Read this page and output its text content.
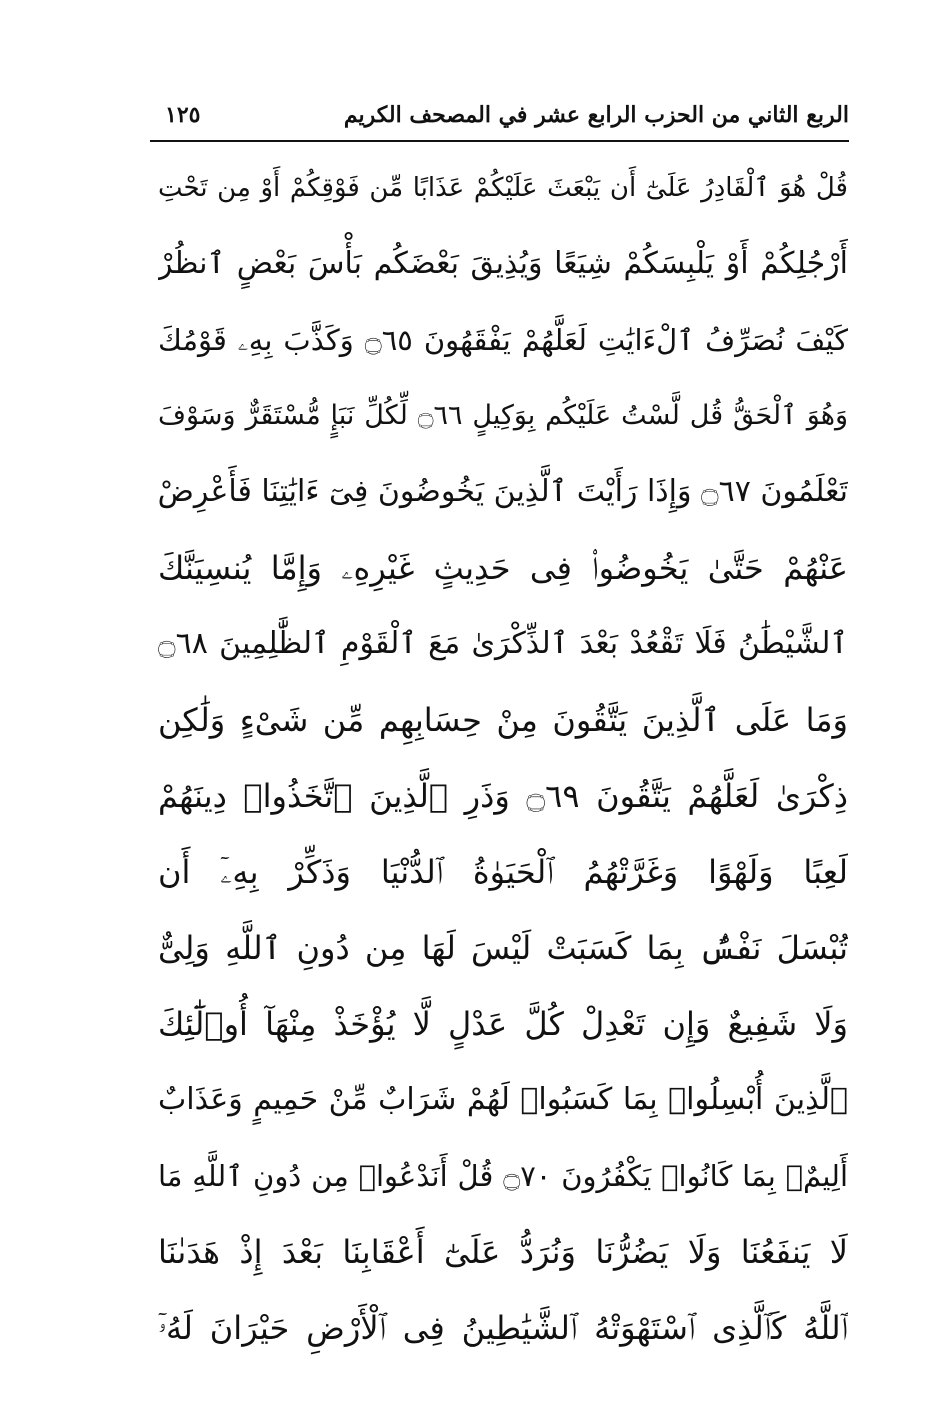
الربع الثاني من الحزب الرابع عشر في المصحف الكريم
١٢٥
قُلْ هُوَ ٱلْقَادِرُ عَلَىٰٓ أَن يَبْعَثَ عَلَيْكُمْ عَذَابًا مِّن فَوْقِكُمْ أَوْ مِن تَحْتِ
أَرْجُلِكُمْ أَوْ يَلْبِسَكُمْ شِيَعًا وَيُذِيقَ بَعْضَكُم بَأْسَ بَعْضٍ ٱنظُرْ
كَيْفَ نُصَرِّفُ ٱلْءَايَٰتِ لَعَلَّهُمْ يَفْقَهُونَ ۝٦٥ وَكَذَّبَ بِهِۦ قَوْمُكَ
وَهُوَ ٱلْحَقُّ قُل لَّسْتُ عَلَيْكُم بِوَكِيلٍ ۝٦٦ لِّكُلِّ نَبَإٍ مُّسْتَقَرٌّ وَسَوْفَ
تَعْلَمُونَ ۝٦٧ وَإِذَا رَأَيْتَ ٱلَّذِينَ يَخُوضُونَ فِىٓ ءَايَٰتِنَا فَأَعْرِضْ
عَنْهُمْ حَتَّىٰ يَخُوضُوا۟ فِى حَدِيثٍ غَيْرِهِۦ وَإِمَّا يُنسِيَنَّكَ
ٱلشَّيْطَٰنُ فَلَا تَقْعُدْ بَعْدَ ٱلذِّكْرَىٰ مَعَ ٱلْقَوْمِ ٱلظَّٰلِمِينَ ۝٦٨
وَمَا عَلَى ٱلَّذِينَ يَتَّقُونَ مِنْ حِسَابِهِم مِّن شَىْءٍ وَلَٰكِن
ذِكْرَىٰ لَعَلَّهُمْ يَتَّقُونَ ۝٦٩ وَذَرِ ٱلَّذِينَ ٱتَّخَذُوا۟ دِينَهُمْ
لَعِبًا وَلَهْوًا وَغَرَّتْهُمُ ٱلْحَيَوٰةُ ٱلدُّنْيَا وَذَكِّرْ بِهِۦٓ أَن
تُبْسَلَ نَفْسٌۢ بِمَا كَسَبَتْ لَيْسَ لَهَا مِن دُونِ ٱللَّهِ وَلِىٌّ
وَلَا شَفِيعٌ وَإِن تَعْدِلْ كُلَّ عَدْلٍ لَّا يُؤْخَذْ مِنْهَآ أُو۟لَٰٓئِكَ
ٱلَّذِينَ أُبْسِلُوا۟ بِمَا كَسَبُوا۟ لَهُمْ شَرَابٌ مِّنْ حَمِيمٍ وَعَذَابٌ
أَلِيمٌۢ بِمَا كَانُوا۟ يَكْفُرُونَ ۝٧٠ قُلْ أَنَدْعُوا۟ مِن دُونِ ٱللَّهِ مَا
لَا يَنفَعُنَا وَلَا يَضُرُّنَا وَنُرَدُّ عَلَىٰٓ أَعْقَابِنَا بَعْدَ إِذْ هَدَىٰنَا
ٱللَّهُ كَٱلَّذِى ٱسْتَهْوَتْهُ ٱلشَّيَٰطِينُ فِى ٱلْأَرْضِ حَيْرَانَ لَهُۥٓ
